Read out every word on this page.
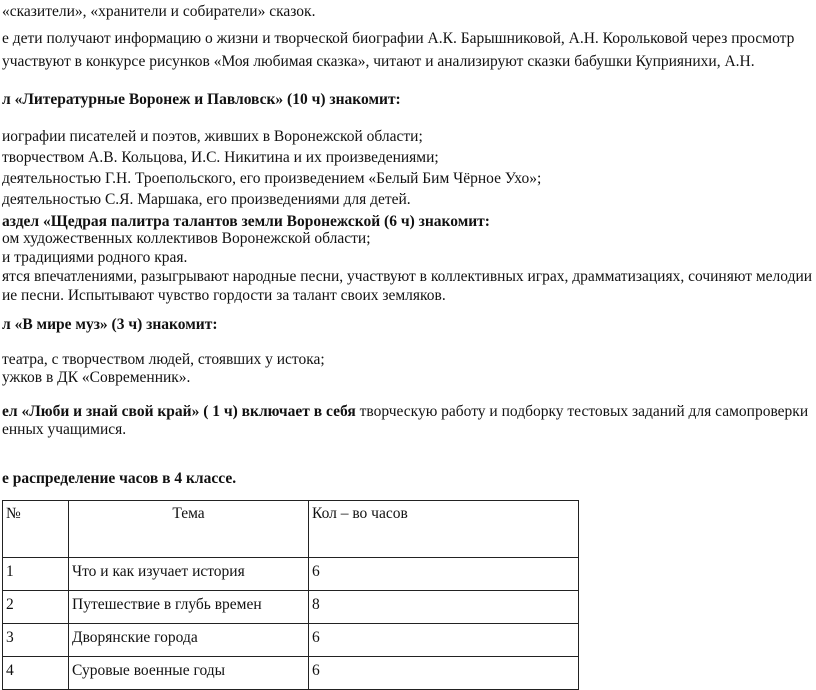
«сказители», «хранители и собиратели» сказок.
е дети получают информацию о жизни и творческой биографии А.К. Барышниковой, А.Н. Корольковой через просмотр
участвуют в конкурсе рисунков «Моя любимая сказка», читают и анализируют сказки бабушки Куприянихи, А.Н.
л «Литературные Воронеж и Павловск» (10 ч) знакомит:
иографии писателей и поэтов, живших в Воронежской области;
творчеством А.В. Кольцова, И.С. Никитина и их произведениями;
деятельностью Г.Н. Троепольского, его произведением «Белый Бим Чёрное Ухо»;
деятельностью С.Я. Маршака, его произведениями для детей.
аздел «Щедрая палитра талантов земли Воронежской (6 ч) знакомит:
ом художественных коллективов Воронежской области;
и традициями родного края.
ятся впечатлениями, разыгрывают народные песни, участвуют в коллективных играх, драмматизациях, сочиняют мелодии
ие песни. Испытывают чувство гордости за талант своих земляков.
л «В мире муз» (3 ч) знакомит:
театра, с творчеством людей, стоявших у истока;
ужков в ДК «Современник».
ел «Люби и знай свой край» ( 1 ч) включает в себя творческую работу и подборку тестовых заданий для самопроверки
енных учащимися.
е распределение часов в 4 классе.
№	Тема	Кол – во часов
1	Что и как изучает история	6
2	Путешествие в глубь времен	8
3	Дворянские города	6
4	Суровые военные годы	6
